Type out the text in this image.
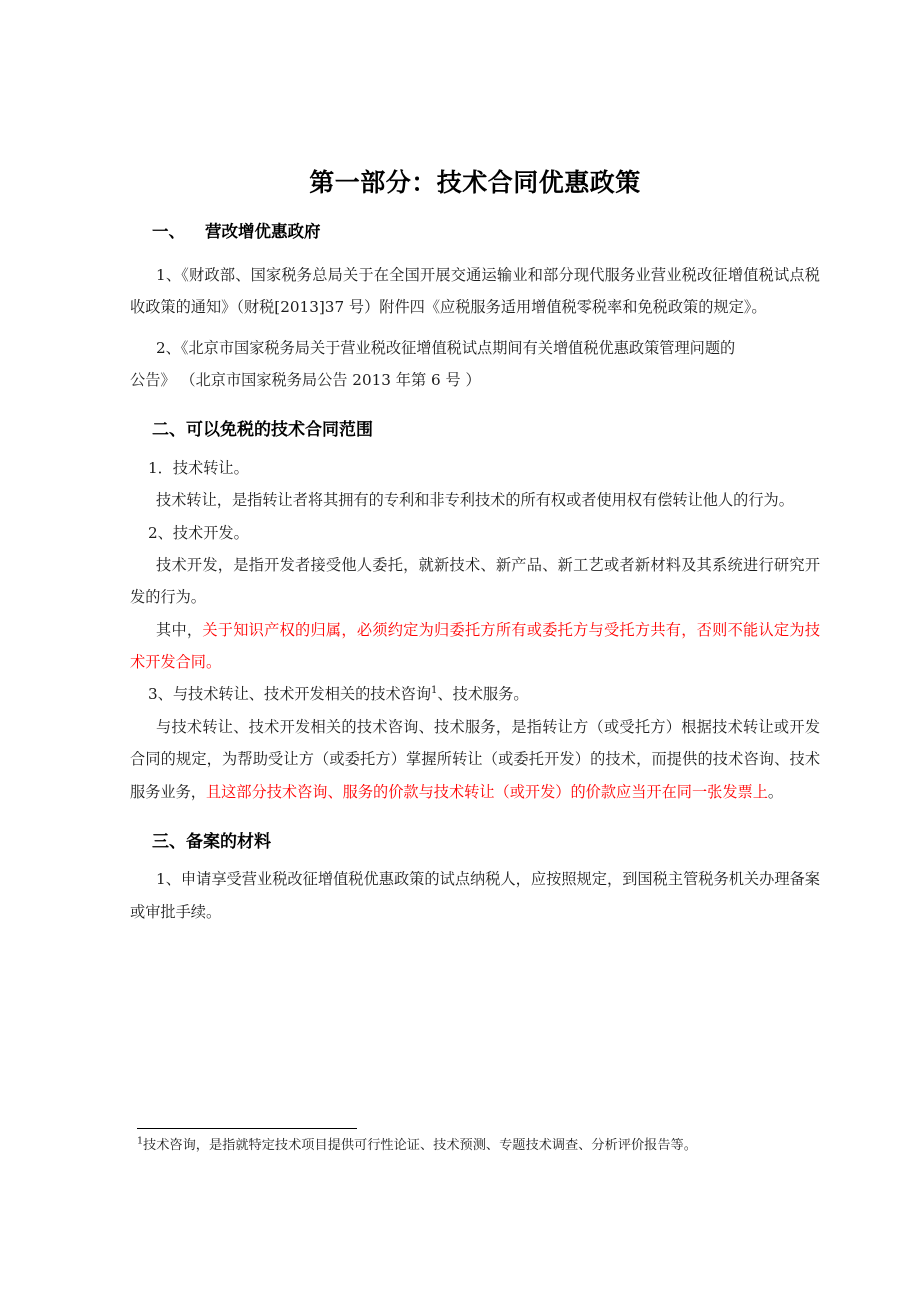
第一部分：技术合同优惠政策
一、 营改增优惠政府

1、《财政部、国家税务总局关于在全国开展交通运输业和部分现代服务业营业税改征增值税试点税收政策的通知》（财税[2013]37 号）附件四《应税服务适用增值税零税率和免税政策的规定》。

2、《北京市国家税务局关于营业税改征增值税试点期间有关增值税优惠政策管理问题的

公告》 （北京市国家税务局公告 2013 年第 6 号 ）

二、可以免税的技术合同范围

1．技术转让。

技术转让，是指转让者将其拥有的专利和非专利技术的所有权或者使用权有偿转让他人的行为。

2、技术开发。

技术开发，是指开发者接受他人委托，就新技术、新产品、新工艺或者新材料及其系统进行研究开发的行为。

其中，关于知识产权的归属，必须约定为归委托方所有或委托方与受托方共有，否则不能认定为技术开发合同。

3、与技术转让、技术开发相关的技术咨询$^1$、技术服务。

与技术转让、技术开发相关的技术咨询、技术服务，是指转让方（或受托方）根据技术转让或开发合同的规定，为帮助受让方（或委托方）掌握所转让（或委托开发）的技术，而提供的技术咨询、技术服务业务，且这部分技术咨询、服务的价款与技术转让（或开发）的价款应当开在同一张发票上。

三、备案的材料

1、申请享受营业税改征增值税优惠政策的试点纳税人，应按照规定，到国税主管税务机关办理备案或审批手续。

$^1$技术咨询，是指就特定技术项目提供可行性论证、技术预测、专题技术调查、分析评价报告等。
